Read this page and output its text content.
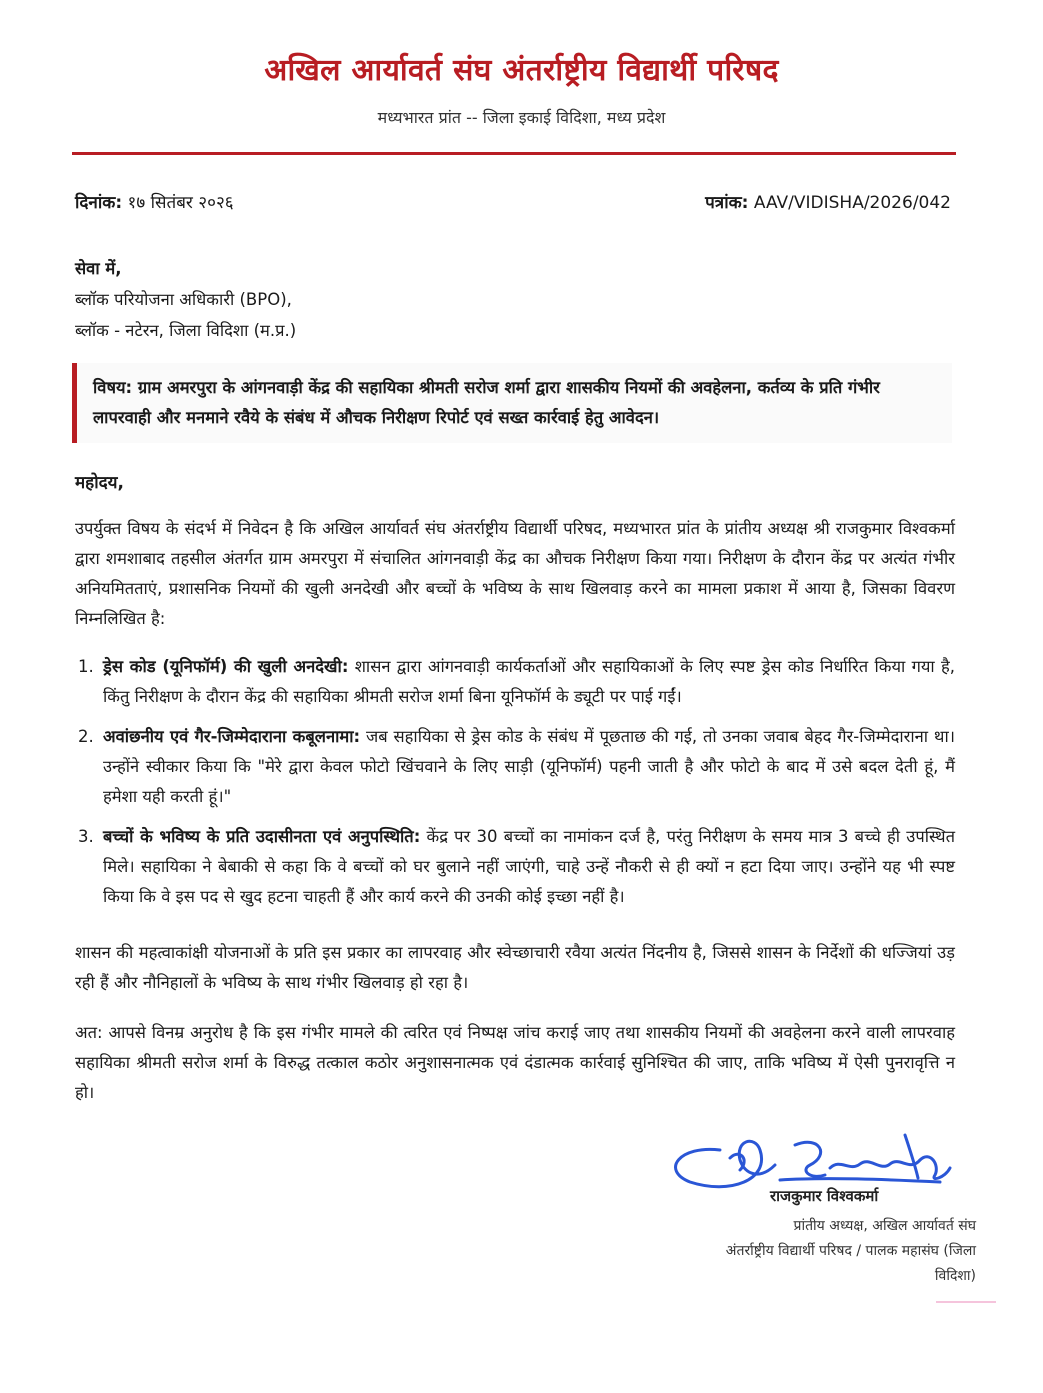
अखिल आर्यावर्त संघ अंतर्राष्ट्रीय विद्यार्थी परिषद
मध्यभारत प्रांत -- जिला इकाई विदिशा, मध्य प्रदेश
दिनांक: १७ सितंबर २०२६	पत्रांक: AAV/VIDISHA/2026/042
सेवा में,
ब्लॉक परियोजना अधिकारी (BPO),
ब्लॉक - नटेरन, जिला विदिशा (म.प्र.)
विषय: ग्राम अमरपुरा के आंगनवाड़ी केंद्र की सहायिका श्रीमती सरोज शर्मा द्वारा शासकीय नियमों की अवहेलना, कर्तव्य के प्रति गंभीर लापरवाही और मनमाने रवैये के संबंध में औचक निरीक्षण रिपोर्ट एवं सख्त कार्रवाई हेतु आवेदन।
महोदय,
उपर्युक्त विषय के संदर्भ में निवेदन है कि अखिल आर्यावर्त संघ अंतर्राष्ट्रीय विद्यार्थी परिषद, मध्यभारत प्रांत के प्रांतीय अध्यक्ष श्री राजकुमार विश्वकर्मा द्वारा शमशाबाद तहसील अंतर्गत ग्राम अमरपुरा में संचालित आंगनवाड़ी केंद्र का औचक निरीक्षण किया गया। निरीक्षण के दौरान केंद्र पर अत्यंत गंभीर अनियमितताएं, प्रशासनिक नियमों की खुली अनदेखी और बच्चों के भविष्य के साथ खिलवाड़ करने का मामला प्रकाश में आया है, जिसका विवरण निम्नलिखित है:
1. ड्रेस कोड (यूनिफॉर्म) की खुली अनदेखी: शासन द्वारा आंगनवाड़ी कार्यकर्ताओं और सहायिकाओं के लिए स्पष्ट ड्रेस कोड निर्धारित किया गया है, किंतु निरीक्षण के दौरान केंद्र की सहायिका श्रीमती सरोज शर्मा बिना यूनिफॉर्म के ड्यूटी पर पाई गईं।
2. अवांछनीय एवं गैर-जिम्मेदाराना कबूलनामा: जब सहायिका से ड्रेस कोड के संबंध में पूछताछ की गई, तो उनका जवाब बेहद गैर-जिम्मेदाराना था। उन्होंने स्वीकार किया कि "मेरे द्वारा केवल फोटो खिंचवाने के लिए साड़ी (यूनिफॉर्म) पहनी जाती है और फोटो के बाद में उसे बदल देती हूं, मैं हमेशा यही करती हूं।"
3. बच्चों के भविष्य के प्रति उदासीनता एवं अनुपस्थिति: केंद्र पर 30 बच्चों का नामांकन दर्ज है, परंतु निरीक्षण के समय मात्र 3 बच्चे ही उपस्थित मिले। सहायिका ने बेबाकी से कहा कि वे बच्चों को घर बुलाने नहीं जाएंगी, चाहे उन्हें नौकरी से ही क्यों न हटा दिया जाए। उन्होंने यह भी स्पष्ट किया कि वे इस पद से खुद हटना चाहती हैं और कार्य करने की उनकी कोई इच्छा नहीं है।
शासन की महत्वाकांक्षी योजनाओं के प्रति इस प्रकार का लापरवाह और स्वेच्छाचारी रवैया अत्यंत निंदनीय है, जिससे शासन के निर्देशों की धज्जियां उड़ रही हैं और नौनिहालों के भविष्य के साथ गंभीर खिलवाड़ हो रहा है।
अत: आपसे विनम्र अनुरोध है कि इस गंभीर मामले की त्वरित एवं निष्पक्ष जांच कराई जाए तथा शासकीय नियमों की अवहेलना करने वाली लापरवाह सहायिका श्रीमती सरोज शर्मा के विरुद्ध तत्काल कठोर अनुशासनात्मक एवं दंडात्मक कार्रवाई सुनिश्चित की जाए, ताकि भविष्य में ऐसी पुनरावृत्ति न हो।
राजकुमार विश्वकर्मा
प्रांतीय अध्यक्ष, अखिल आर्यावर्त संघ
अंतर्राष्ट्रीय विद्यार्थी परिषद / पालक महासंघ (जिला
विदिशा)
